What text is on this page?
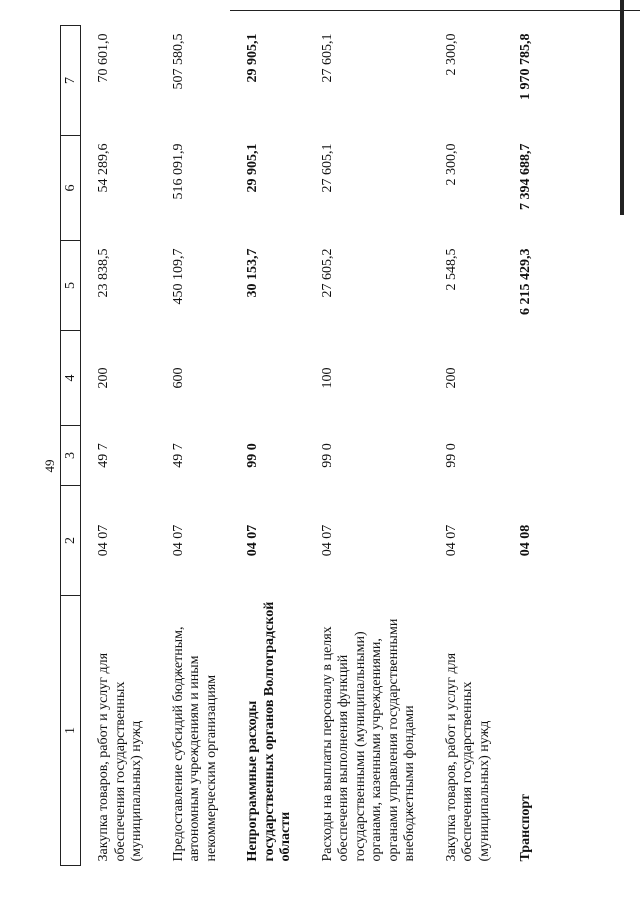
49
1	2	3	4	5	6	7
Закупка товаров, работ и услуг для обеспечения государственных (муниципальных) нужд	04 07	49 7	200	23 838,5	54 289,6	70 601,0
Предоставление субсидий бюджетным, автономным учреждениям и иным некоммерческим организациям	04 07	49 7	600	450 109,7	516 091,9	507 580,5
Непрограммные расходы государственных органов Волгоградской области	04 07	99 0		30 153,7	29 905,1	29 905,1
Расходы на выплаты персоналу в целях обеспечения выполнения функций государственными (муниципальными) органами, казенными учреждениями, органами управления государственными внебюджетными фондами	04 07	99 0	100	27 605,2	27 605,1	27 605,1
Закупка товаров, работ и услуг для обеспечения государственных (муниципальных) нужд	04 07	99 0	200	2 548,5	2 300,0	2 300,0
Транспорт	04 08			6 215 429,3	7 394 688,7	1 970 785,8
